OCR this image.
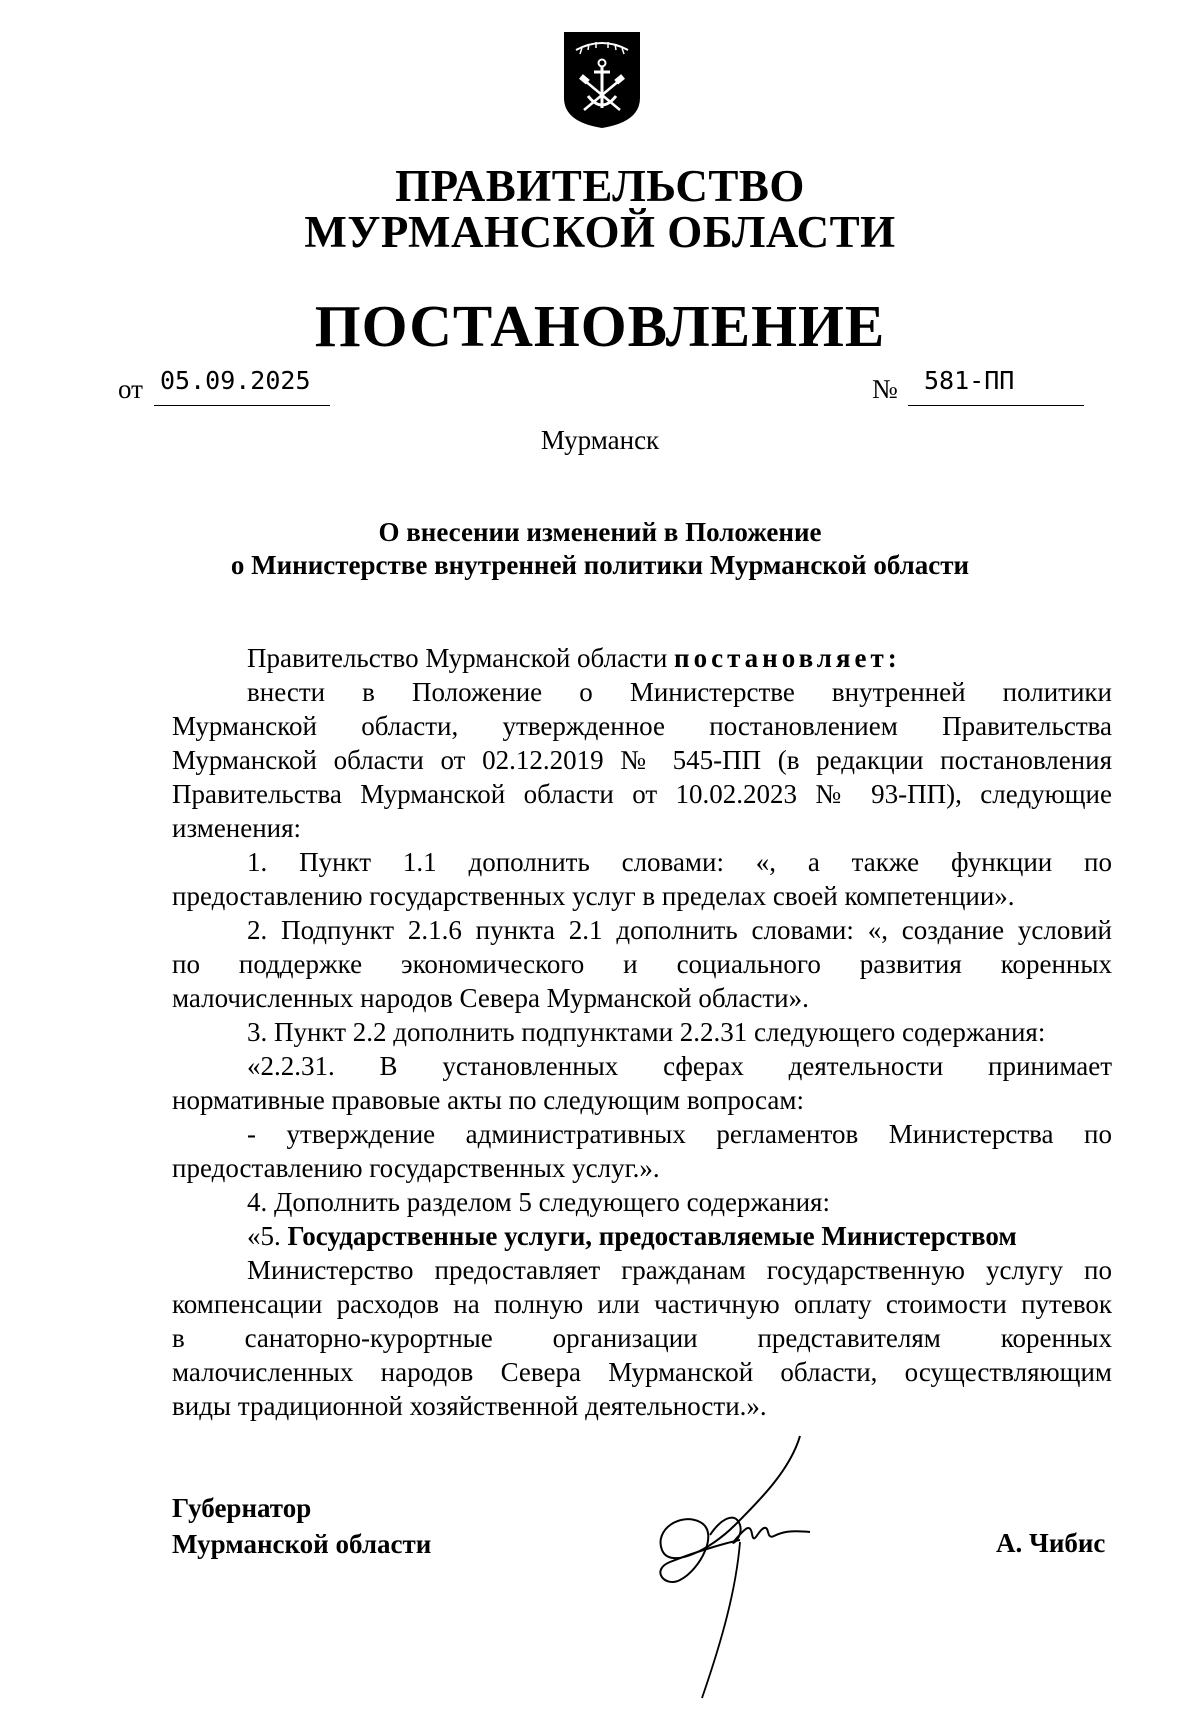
ПРАВИТЕЛЬСТВО
МУРМАНСКОЙ ОБЛАСТИ
ПОСТАНОВЛЕНИЕ
от 05.09.2025	№	581-ПП
Мурманск
О внесении изменений в Положение
о Министерстве внутренней политики Мурманской области

Правительство Мурманской области постановляет:

внести в Положение о Министерстве внутренней политики

Мурманской области, утвержденное постановлением Правительства

Мурманской области от 02.12.2019 № 545-ПП (в редакции постановления

Правительства Мурманской области от 10.02.2023 № 93-ПП), следующие

изменения:

1. Пункт 1.1 дополнить словами: «, а также функции по

предоставлению государственных услуг в пределах своей компетенции».

2. Подпункт 2.1.6 пункта 2.1 дополнить словами: «, создание условий

по поддержке экономического и социального развития коренных

малочисленных народов Севера Мурманской области».

3. Пункт 2.2 дополнить подпунктами 2.2.31 следующего содержания:

«2.2.31. В установленных сферах деятельности принимает

нормативные правовые акты по следующим вопросам:

- утверждение административных регламентов Министерства по

предоставлению государственных услуг.».

4. Дополнить разделом 5 следующего содержания:

«5. Государственные услуги, предоставляемые Министерством

Министерство предоставляет гражданам государственную услугу по

компенсации расходов на полную или частичную оплату стоимости путевок

в санаторно-курортные организации представителям коренных

малочисленных народов Севера Мурманской области, осуществляющим

виды традиционной хозяйственной деятельности.».

Губернатор
Мурманской области	А. Чибис
